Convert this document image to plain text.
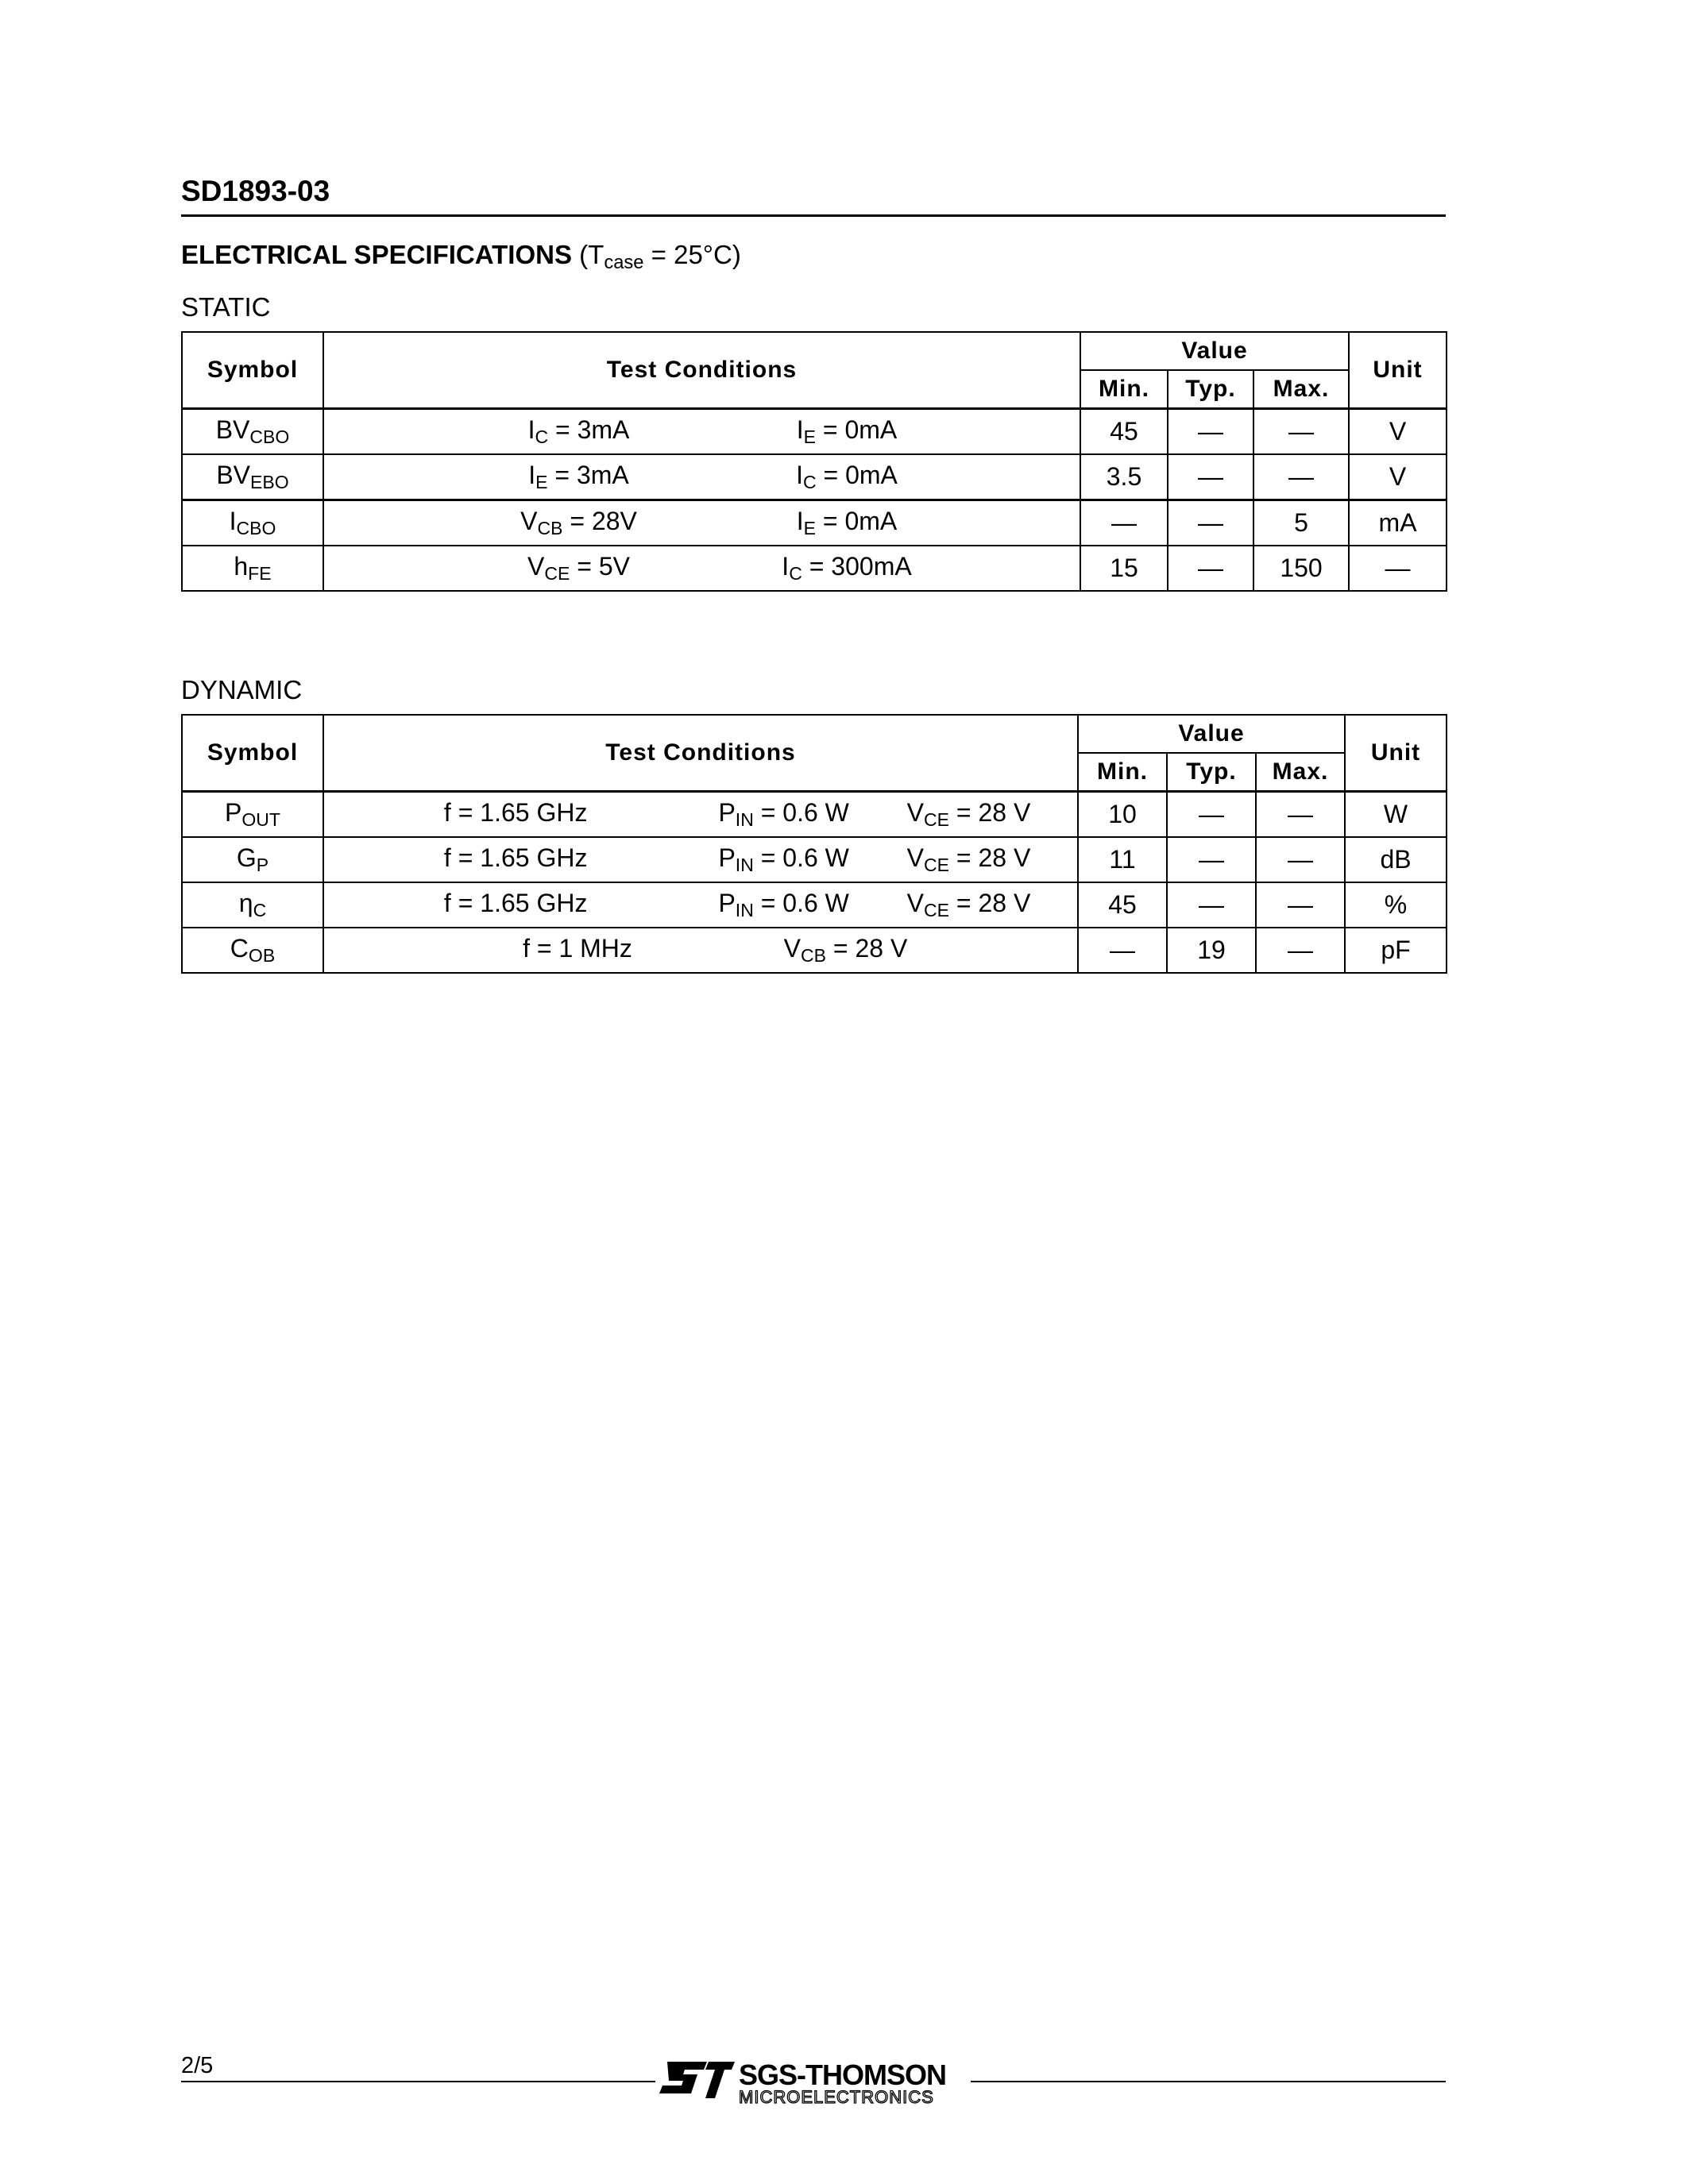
SD1893-03
ELECTRICAL SPECIFICATIONS $(T_{case} = 25^\circ C)$
STATIC
Symbol	Test Conditions	Value			Unit
		Min.	Typ.	Max.	
$BV_{CBO}$	$I_C = 3mA$ $I_E = 0mA$	45	—	—	V
$BV_{EBO}$	$I_E = 3mA$ $I_C = 0mA$	3.5	—	—	V
$I_{CBO}$	$V_{CB} = 28V$ $I_E = 0mA$	—	—	5	mA
$h_{FE}$	$V_{CE} = 5V$ $I_C = 300mA$	15	—	150	—
DYNAMIC
Symbol	Test Conditions	Value			Unit
		Min.	Typ.	Max.	
$P_{OUT}$	f = 1.65 GHz $P_{IN} = 0.6$ W $V_{CE} = 28$ V	10	—	—	W
$G_P$	f = 1.65 GHz $P_{IN} = 0.6$ W $V_{CE} = 28$ V	11	—	—	dB
$\eta_C$	f = 1.65 GHz $P_{IN} = 0.6$ W $V_{CE} = 28$ V	45	—	—	%
$C_{OB}$	f = 1 MHz $V_{CB} = 28$ V	—	19	—	pF
2/5	SGS-THOMSON
MICROELECTRONICS
